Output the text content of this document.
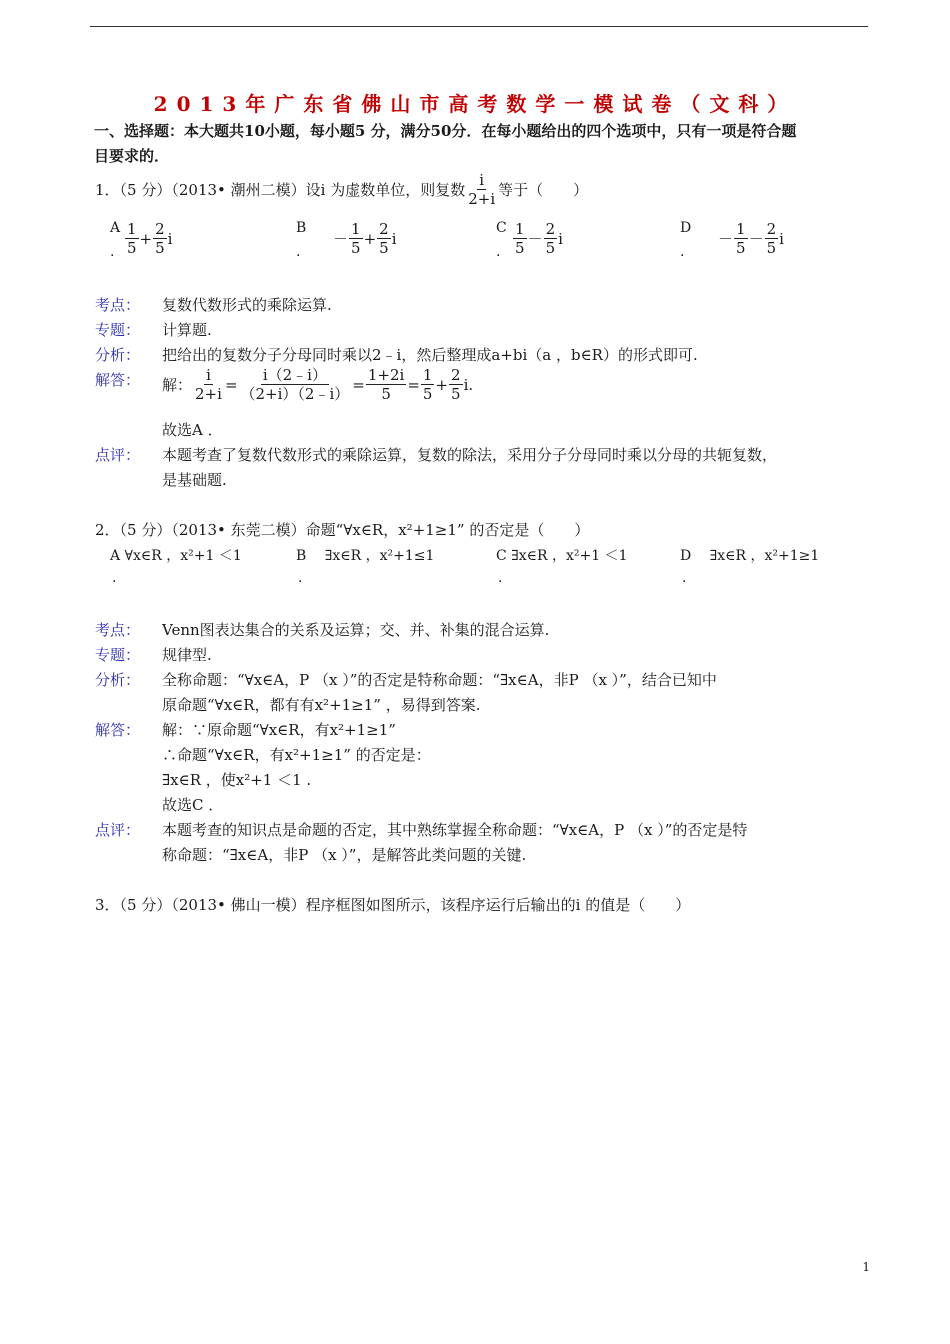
2013年广东省佛山市高考数学一模试卷（文科）
一、选择题：本大题共10小题，每小题5 分，满分50分．在每小题给出的四个选项中，只有一项是符合题
目要求的．
1．（5 分）（2013• 潮州二模）设i 为虚数单位，则复数 $\frac{i}{2+i}$ 等于（　　）
A
. $\frac{1}{5} + \frac{2}{5}$ i
B
.
－ $\frac{1}{5} + \frac{2}{5}$ i
C
. $\frac{1}{5} - \frac{2}{5}$ i
D
.
－ $\frac{1}{5} - \frac{2}{5}$ i
考点： 复数代数形式的乘除运算.
专题： 计算题.
分析： 把给出的复数分子分母同时乘以2﹣i，然后整理成a+bi（a ，b∈R）的形式即可.
解答： 解： $\frac{i}{2+i} = \frac{i(2﹣i)}{(2+i)(2﹣i)} = \frac{1+2i}{5} = \frac{1}{5} + \frac{2}{5}$ i .
故选A ．
点评： 本题考查了复数代数形式的乘除运算，复数的除法，采用分子分母同时乘以分母的共轭复数，
是基础题.
2．（5 分）（2013• 东莞二模）命题“∀x∈R，x²+1≥1” 的否定是（　　）
A ∀x∈R ，x²+1 ＜1	B 　∃x∈R ，x²+1≤1	C ∃x∈R ，x²+1 ＜1	D 　∃x∈R ，x²+1≥1
.	.	.	.
考点： Venn图表达集合的关系及运算；交、并、补集的混合运算.
专题： 规律型.
分析： 全称命题：“∀x∈A，P （x ）”的否定是特称命题：“∃x∈A，非P （x ）”，结合已知中
原命题“∀x∈R，都有有x²+1≥1” ，易得到答案.
解答： 解：∵原命题“∀x∈R，有x²+1≥1”
∴命题“∀x∈R，有x²+1≥1” 的否定是：
∃x∈R ，使x²+1 ＜1 .
故选C ．
点评： 本题考查的知识点是命题的否定，其中熟练掌握全称命题：“∀x∈A，P （x ）”的否定是特
称命题：“∃x∈A，非P （x ）”，是解答此类问题的关键.
3．（5 分）（2013• 佛山一模）程序框图如图所示，该程序运行后输出的i 的值是（　　）
1
